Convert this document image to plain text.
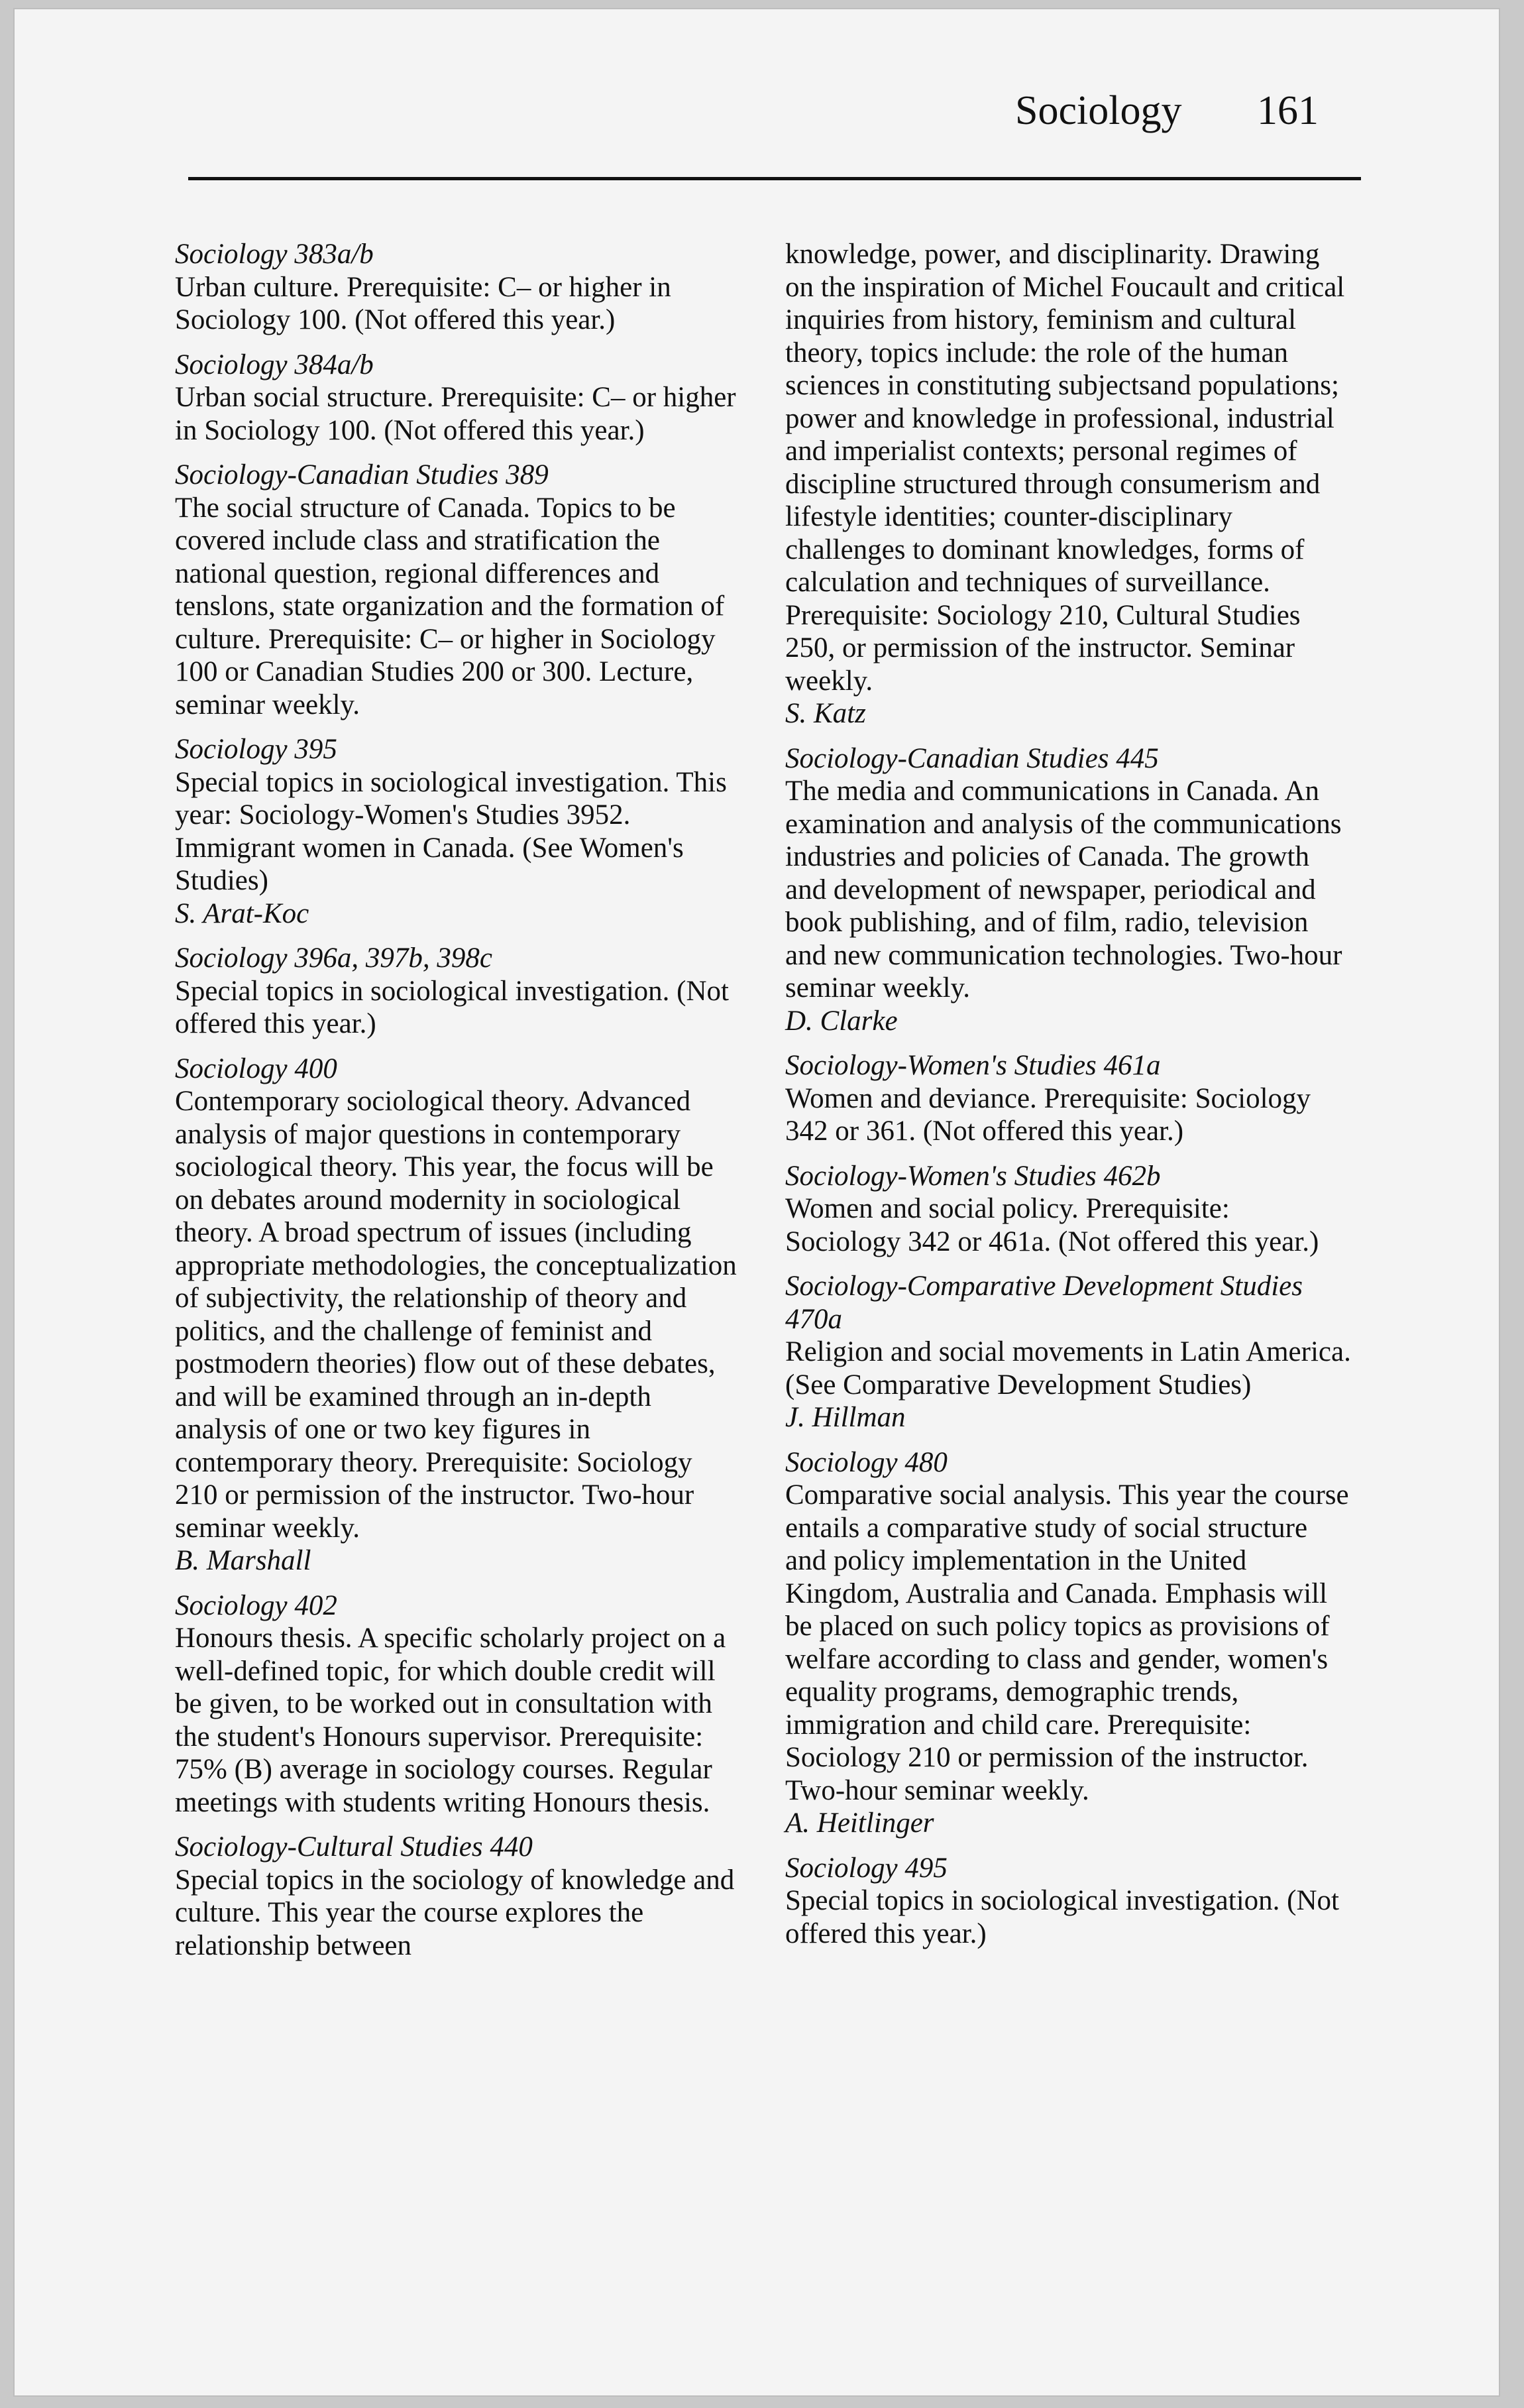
Sociology 161
Sociology 383a/b
Urban culture. Prerequisite: C– or higher in Sociology 100. (Not offered this year.)
Sociology 384a/b
Urban social structure. Prerequisite: C– or higher in Sociology 100. (Not offered this year.)
Sociology-Canadian Studies 389
The social structure of Canada. Topics to be covered include class and stratification the national question, regional differences and tenslons, state organization and the formation of culture. Prerequisite: C– or higher in Sociology 100 or Canadian Studies 200 or 300. Lecture, seminar weekly.
Sociology 395
Special topics in sociological investigation. This year: Sociology-Women's Studies 3952. Immigrant women in Canada. (See Women's Studies)
S. Arat-Koc
Sociology 396a, 397b, 398c
Special topics in sociological investigation. (Not offered this year.)
Sociology 400
Contemporary sociological theory. Advanced analysis of major questions in contemporary sociological theory. This year, the focus will be on debates around modernity in sociological theory. A broad spectrum of issues (including appropriate methodologies, the conceptualization of subjectivity, the relationship of theory and politics, and the challenge of feminist and postmodern theories) flow out of these debates, and will be examined through an in-depth analysis of one or two key figures in contemporary theory. Prerequisite: Sociology 210 or permission of the instructor. Two-hour seminar weekly.
B. Marshall
Sociology 402
Honours thesis. A specific scholarly project on a well-defined topic, for which double credit will be given, to be worked out in consultation with the student's Honours supervisor. Prerequisite: 75% (B) average in sociology courses. Regular meetings with students writing Honours thesis.
Sociology-Cultural Studies 440
Special topics in the sociology of knowledge and culture. This year the course explores the relationship between
knowledge, power, and disciplinarity. Drawing on the inspiration of Michel Foucault and critical inquiries from history, feminism and cultural theory, topics include: the role of the human sciences in constituting subjectsand populations; power and knowledge in professional, industrial and imperialist contexts; personal regimes of discipline structured through consumerism and lifestyle identities; counter-disciplinary challenges to dominant knowledges, forms of calculation and techniques of surveillance. Prerequisite: Sociology 210, Cultural Studies 250, or permission of the instructor. Seminar weekly.
S. Katz
Sociology-Canadian Studies 445
The media and communications in Canada. An examination and analysis of the communications industries and policies of Canada. The growth and development of newspaper, periodical and book publishing, and of film, radio, television and new communication technologies. Two-hour seminar weekly.
D. Clarke
Sociology-Women's Studies 461a
Women and deviance. Prerequisite: Sociology 342 or 361. (Not offered this year.)
Sociology-Women's Studies 462b
Women and social policy. Prerequisite: Sociology 342 or 461a. (Not offered this year.)
Sociology-Comparative Development Studies 470a
Religion and social movements in Latin America. (See Comparative Development Studies)
J. Hillman
Sociology 480
Comparative social analysis. This year the course entails a comparative study of social structure and policy implementation in the United Kingdom, Australia and Canada. Emphasis will be placed on such policy topics as provisions of welfare according to class and gender, women's equality programs, demographic trends, immigration and child care. Prerequisite: Sociology 210 or permission of the instructor. Two-hour seminar weekly.
A. Heitlinger
Sociology 495
Special topics in sociological investigation. (Not offered this year.)
